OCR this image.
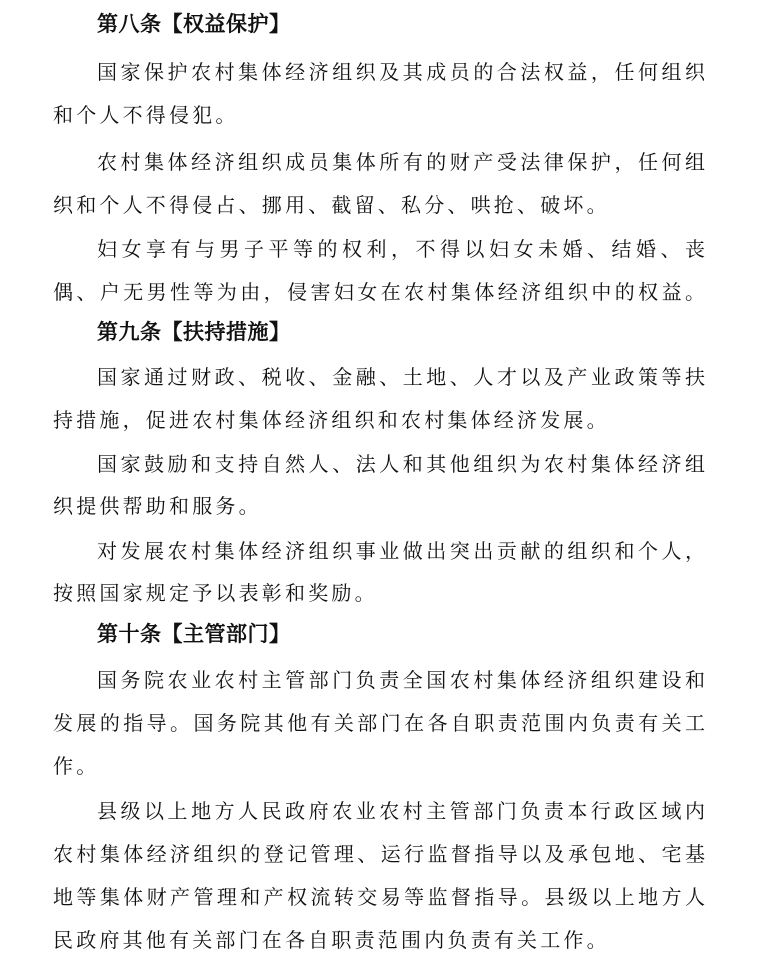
第八条【权益保护】
国家保护农村集体经济组织及其成员的合法权益，任何组织
和个人不得侵犯。
农村集体经济组织成员集体所有的财产受法律保护，任何组
织和个人不得侵占、挪用、截留、私分、哄抢、破坏。
妇女享有与男子平等的权利，不得以妇女未婚、结婚、丧
偶、户无男性等为由，侵害妇女在农村集体经济组织中的权益。
第九条【扶持措施】
国家通过财政、税收、金融、土地、人才以及产业政策等扶
持措施，促进农村集体经济组织和农村集体经济发展。
国家鼓励和支持自然人、法人和其他组织为农村集体经济组
织提供帮助和服务。
对发展农村集体经济组织事业做出突出贡献的组织和个人，
按照国家规定予以表彰和奖励。
第十条【主管部门】
国务院农业农村主管部门负责全国农村集体经济组织建设和
发展的指导。国务院其他有关部门在各自职责范围内负责有关工
作。
县级以上地方人民政府农业农村主管部门负责本行政区域内
农村集体经济组织的登记管理、运行监督指导以及承包地、宅基
地等集体财产管理和产权流转交易等监督指导。县级以上地方人
民政府其他有关部门在各自职责范围内负责有关工作。
